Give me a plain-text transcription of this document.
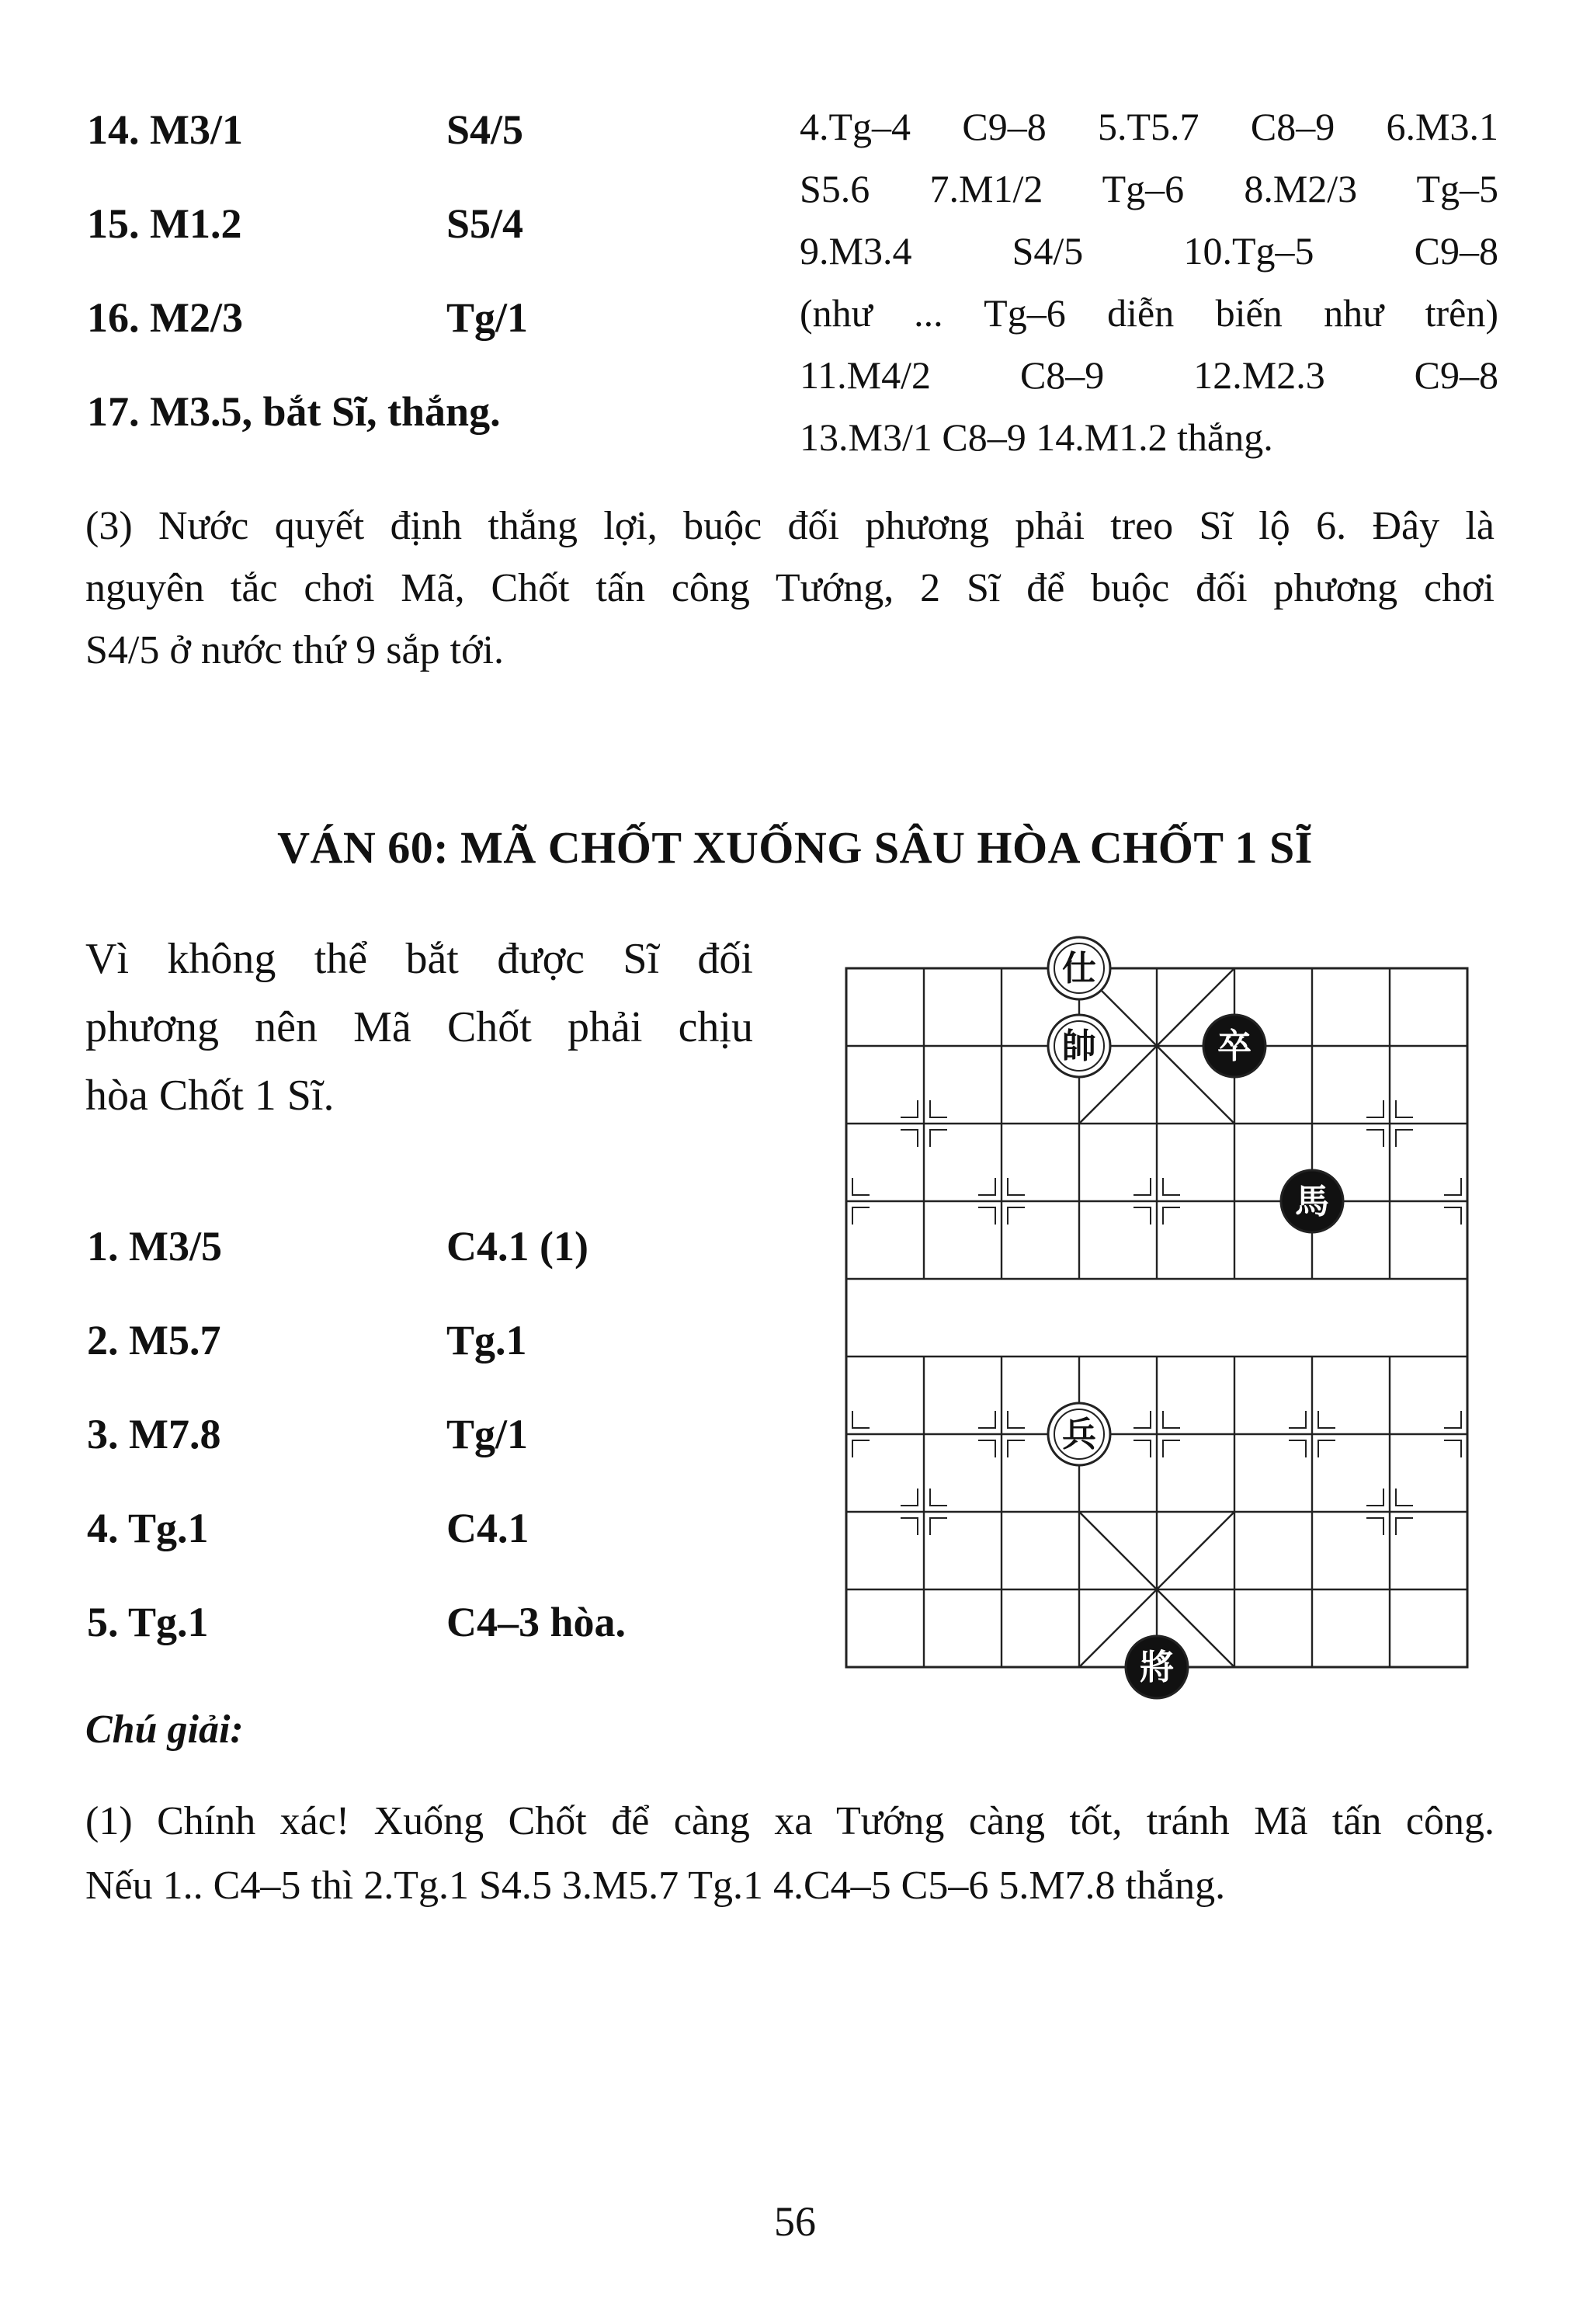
14. M3/1	S4/5
15. M1.2	S5/4
16. M2/3	Tg/1
17. M3.5, bắt Sĩ, thắng.
4.Tg–4 C9–8 5.T5.7 C8–9 6.M3.1
S5.6 7.M1/2 Tg–6 8.M2/3 Tg–5
9.M3.4 S4/5 10.Tg–5 C9–8
(như ... Tg–6 diễn biến như trên)
11.M4/2 C8–9 12.M2.3 C9–8
13.M3/1 C8–9 14.M1.2 thắng.
(3) Nước quyết định thắng lợi, buộc đối phương phải treo Sĩ lộ 6. Đây là
nguyên tắc chơi Mã, Chốt tấn công Tướng, 2 Sĩ để buộc đối phương chơi
S4/5 ở nước thứ 9 sắp tới.
VÁN 60: MÃ CHỐT XUỐNG SÂU HÒA CHỐT 1 SĨ
Vì không thể bắt được Sĩ đối
phương nên Mã Chốt phải chịu
hòa Chốt 1 Sĩ.
1. M3/5	C4.1 (1)
2. M5.7	Tg.1
3. M7.8	Tg/1
4. Tg.1	C4.1
5. Tg.1	C4–3 hòa.
仕
帥	卒
馬
兵
將
Chú giải:
(1) Chính xác! Xuống Chốt để càng xa Tướng càng tốt, tránh Mã tấn công.
Nếu 1.. C4–5 thì 2.Tg.1 S4.5 3.M5.7 Tg.1 4.C4–5 C5–6 5.M7.8 thắng.
56
